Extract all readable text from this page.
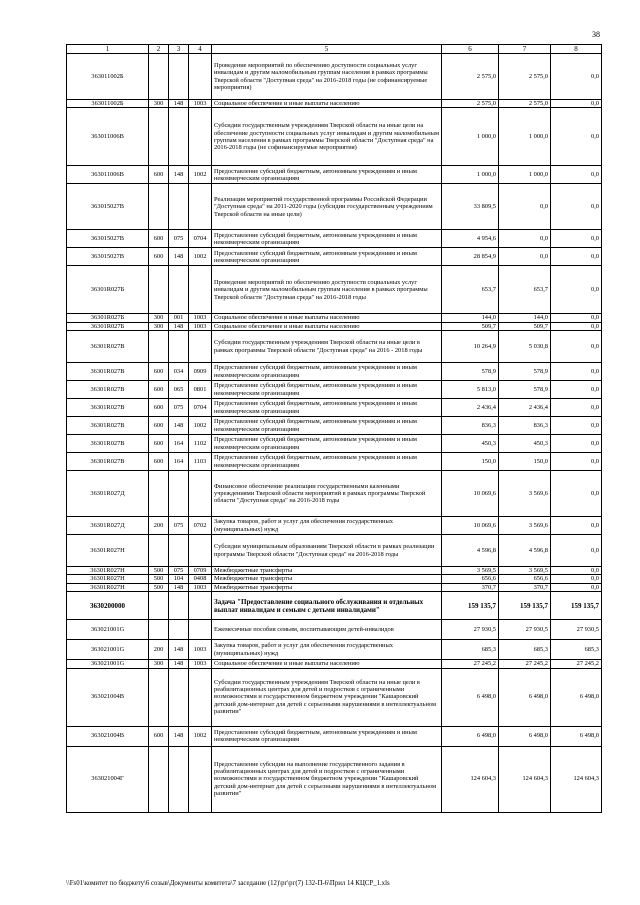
38
1	2	3	4	5	6	7	8
363011002Б				Проведение мероприятий по обеспечению доступности социальных услуг инвалидам и другим маломобильным группам населения в рамках программы Тверской области "Доступная среда" на 2016-2018 годы (не софинансируемые мероприятия)	2 575,0	2 575,0	0,0
363011002Б	300	148	1003	Социальное обеспечение и иные выплаты населению	2 575,0	2 575,0	0,0
363011006В				Субсидии государственным учреждениям Тверской области на иные цели на обеспечение доступности социальных услуг инвалидам и другим маломобильным группам населения в рамках программы Тверской области "Доступная среда" на 2016-2018 годы (не софинансируемые мероприятия)	1 000,0	1 000,0	0,0
363011006В	600	148	1002	Предоставление субсидий бюджетным, автономным учреждениям и иным некоммерческим организациям	1 000,0	1 000,0	0,0
363015027В				Реализация мероприятий государственной программы Российской Федерации "Доступная среда" на 2011-2020 годы (субсидии государственным учреждениям Тверской области на иные цели)	33 809,5	0,0	0,0
363015027В	600	075	0704	Предоставление субсидий бюджетным, автономным учреждениям и иным некоммерческим организациям	4 954,6	0,0	0,0
363015027В	600	148	1002	Предоставление субсидий бюджетным, автономным учреждениям и иным некоммерческим организациям	28 854,9	0,0	0,0
36301R027Б				Проведение мероприятий по обеспечению доступности социальных услуг инвалидам и другим маломобильным группам населения в рамках программы Тверской области "Доступная среда" на 2016-2018 годы	653,7	653,7	0,0
36301R027Б	300	001	1003	Социальное обеспечение и иные выплаты населению	144,0	144,0	0,0
36301R027Б	300	148	1003	Социальное обеспечение и иные выплаты населению	509,7	509,7	0,0
36301R027В				Субсидии государственным учреждениям Тверской области на иные цели в рамках программы Тверской области "Доступная среда" на 2016 - 2018 годы	10 264,9	5 030,8	0,0
36301R027В	600	034	0909	Предоставление субсидий бюджетным, автономным учреждениям и иным некоммерческим организациям	578,9	578,9	0,0
36301R027В	600	065	0801	Предоставление субсидий бюджетным, автономным учреждениям и иным некоммерческим организациям	5 813,0	578,9	0,0
36301R027В	600	075	0704	Предоставление субсидий бюджетным, автономным учреждениям и иным некоммерческим организациям	2 436,4	2 436,4	0,0
36301R027В	600	148	1002	Предоставление субсидий бюджетным, автономным учреждениям и иным некоммерческим организациям	836,3	836,3	0,0
36301R027В	600	164	1102	Предоставление субсидий бюджетным, автономным учреждениям и иным некоммерческим организациям	450,3	450,3	0,0
36301R027В	600	164	1103	Предоставление субсидий бюджетным, автономным учреждениям и иным некоммерческим организациям	150,0	150,0	0,0
36301R027Д				Финансовое обеспечение реализации государственными казенными учреждениями Тверской области мероприятий в рамках программы Тверской области "Доступная среда" на 2016-2018 годы	10 069,6	3 569,6	0,0
36301R027Д	200	075	0702	Закупка товаров, работ и услуг для обеспечения государственных (муниципальных) нужд	10 069,6	3 569,6	0,0
36301R027Н				Субсидии муниципальным образованиям Тверской области в рамках реализации программы Тверской области "Доступная среда" на 2016-2018 годы	4 596,8	4 596,8	0,0
36301R027Н	500	075	0709	Межбюджетные трансферты	3 569,5	3 569,5	0,0
36301R027Н	500	104	0408	Межбюджетные трансферты	656,6	656,6	0,0
36301R027Н	500	148	1003	Межбюджетные трансферты	370,7	370,7	0,0
3630200000				Задача "Предоставление социального обслуживания и отдельных выплат инвалидам и семьям с детьми инвалидами"	159 135,7	159 135,7	159 135,7
363021001G				Ежемесячные пособия семьям, воспитывающим детей-инвалидов	27 930,5	27 930,5	27 930,5
363021001G	200	148	1003	Закупка товаров, работ и услуг для обеспечения государственных (муниципальных) нужд	685,3	685,3	685,3
363021001G	300	148	1003	Социальное обеспечение и иные выплаты населению	27 245,2	27 245,2	27 245,2
363021004В				Субсидии государственным учреждениям Тверской области на иные цели в реабилитационных центрах для детей и подростков с ограниченными возможностями и государственном бюджетном учреждении "Кашаровский детский дом-интернат для детей с серьезными нарушениями в интеллектуальном развитии"	6 498,0	6 498,0	6 498,0
363021004В	600	148	1002	Предоставление субсидий бюджетным, автономным учреждениям и иным некоммерческим организациям	6 498,0	6 498,0	6 498,0
363021004Г				Предоставление субсидии на выполнение государственного задания в реабилитационных центрах для детей и подростков с ограниченными возможностями и государственном бюджетном учреждении "Кашаровский детский дом-интернат для детей с серьезными нарушениями в интеллектуальном развитии"	124 604,3	124 604,3	124 604,3
\\Fs01\комитет по бюджету\6 созыв\Документы комитета\7 заседание (12)\рг\рг(7) 132-П-6\Прил 14 КЦСР_1.xls
